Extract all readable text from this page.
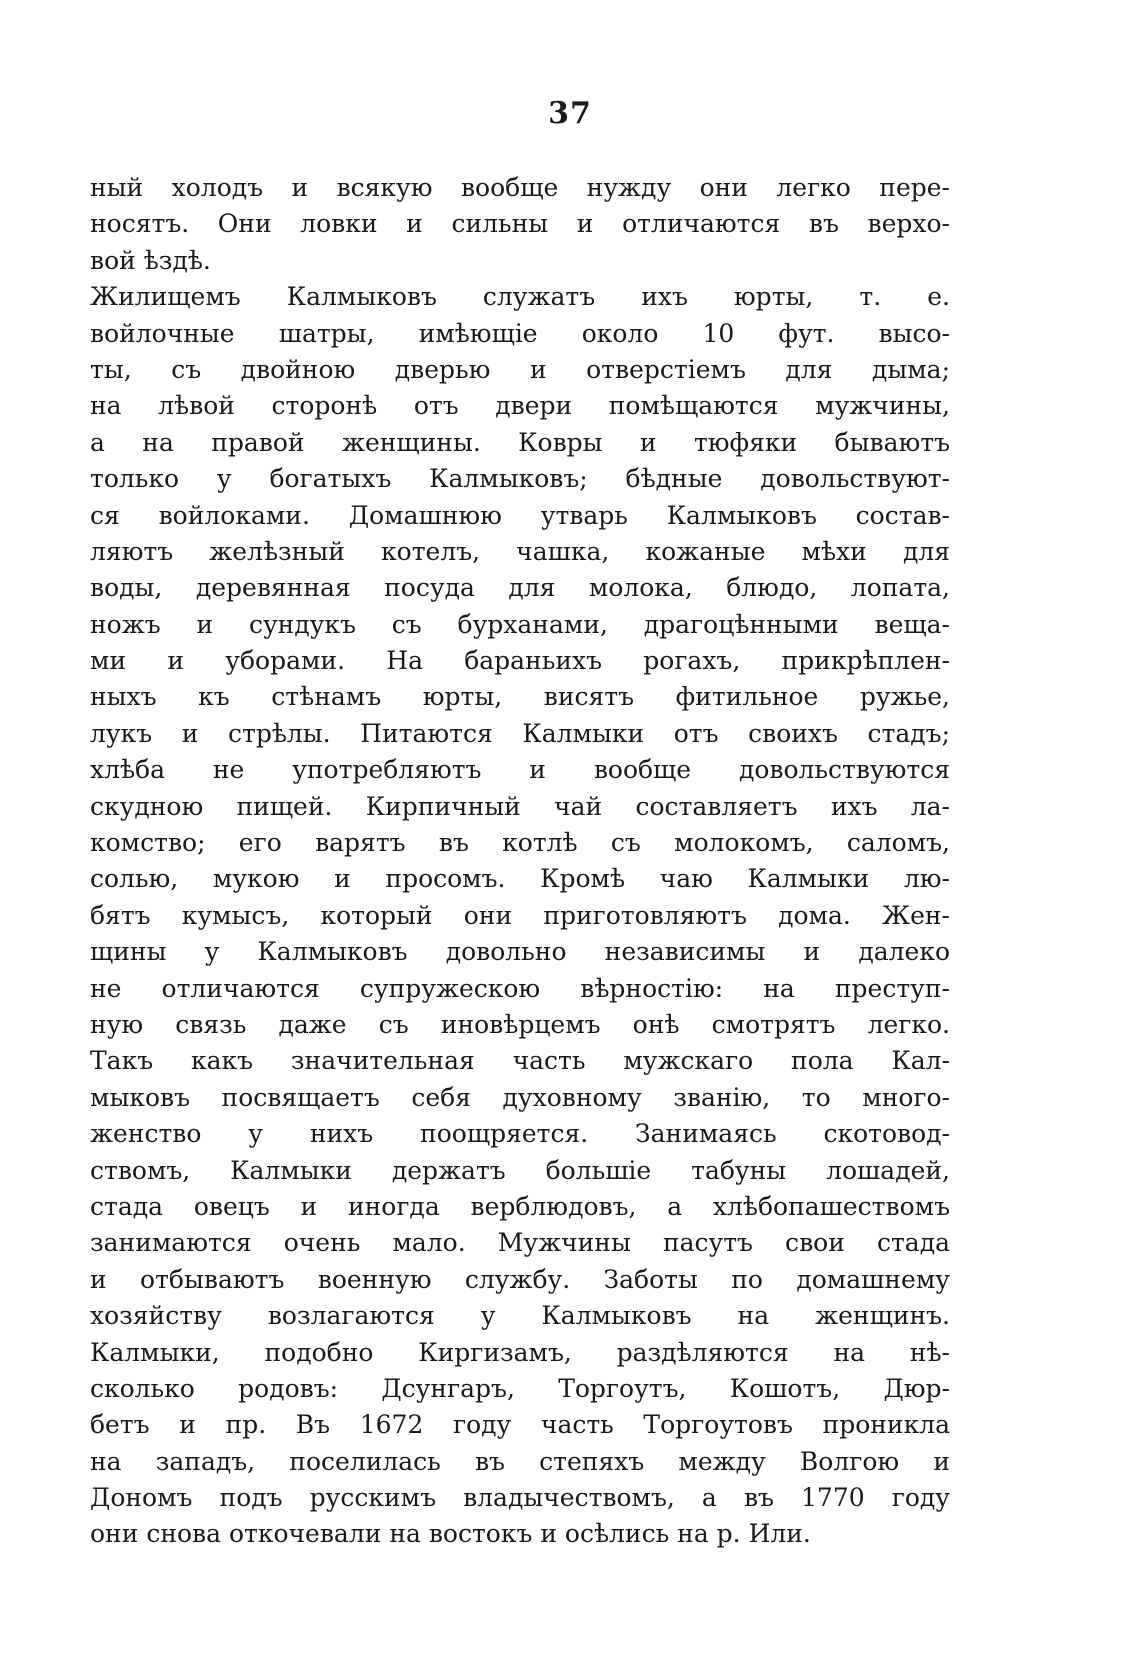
37
ный холодъ и всякую вообще нужду они легко пере-
носятъ. Они ловки и сильны и отличаются въ верхо-
вой ѣздѣ.
Жилищемъ Калмыковъ служатъ ихъ юрты, т. е.
войлочные шатры, имѣющіе около 10 фут. высо-
ты, съ двойною дверью и отверстіемъ для дыма;
на лѣвой сторонѣ отъ двери помѣщаются мужчины,
а на правой женщины. Ковры и тюфяки бываютъ
только у богатыхъ Калмыковъ; бѣдные довольствуют-
ся войлоками. Домашнюю утварь Калмыковъ состав-
ляютъ желѣзный котелъ, чашка, кожаные мѣхи для
воды, деревянная посуда для молока, блюдо, лопата,
ножъ и сундукъ съ бурханами, драгоцѣнными веща-
ми и уборами. На бараньихъ рогахъ, прикрѣплен-
ныхъ къ стѣнамъ юрты, висятъ фитильное ружье,
лукъ и стрѣлы. Питаются Калмыки отъ своихъ стадъ;
хлѣба не употребляютъ и вообще довольствуются
скудною пищей. Кирпичный чай составляетъ ихъ ла-
комство; его варятъ въ котлѣ съ молокомъ, саломъ,
солью, мукою и просомъ. Кромѣ чаю Калмыки лю-
бятъ кумысъ, который они приготовляютъ дома. Жен-
щины у Калмыковъ довольно независимы и далеко
не отличаются супружескою вѣрностію: на преступ-
ную связь даже съ иновѣрцемъ онѣ смотрятъ легко.
Такъ какъ значительная часть мужскаго пола Кал-
мыковъ посвящаетъ себя духовному званію, то много-
женство у нихъ поощряется. Занимаясь скотовод-
ствомъ, Калмыки держатъ большіе табуны лошадей,
стада овецъ и иногда верблюдовъ, а хлѣбопашествомъ
занимаются очень мало. Мужчины пасутъ свои стада
и отбываютъ военную службу. Заботы по домашнему
хозяйству возлагаются у Калмыковъ на женщинъ.
Калмыки, подобно Киргизамъ, раздѣляются на нѣ-
сколько родовъ: Дсунгаръ, Торгоутъ, Кошотъ, Дюр-
бетъ и пр. Въ 1672 году часть Торгоутовъ проникла
на западъ, поселилась въ степяхъ между Волгою и
Дономъ подъ русскимъ владычествомъ, а въ 1770 году
они снова откочевали на востокъ и осѣлись на р. Или.
